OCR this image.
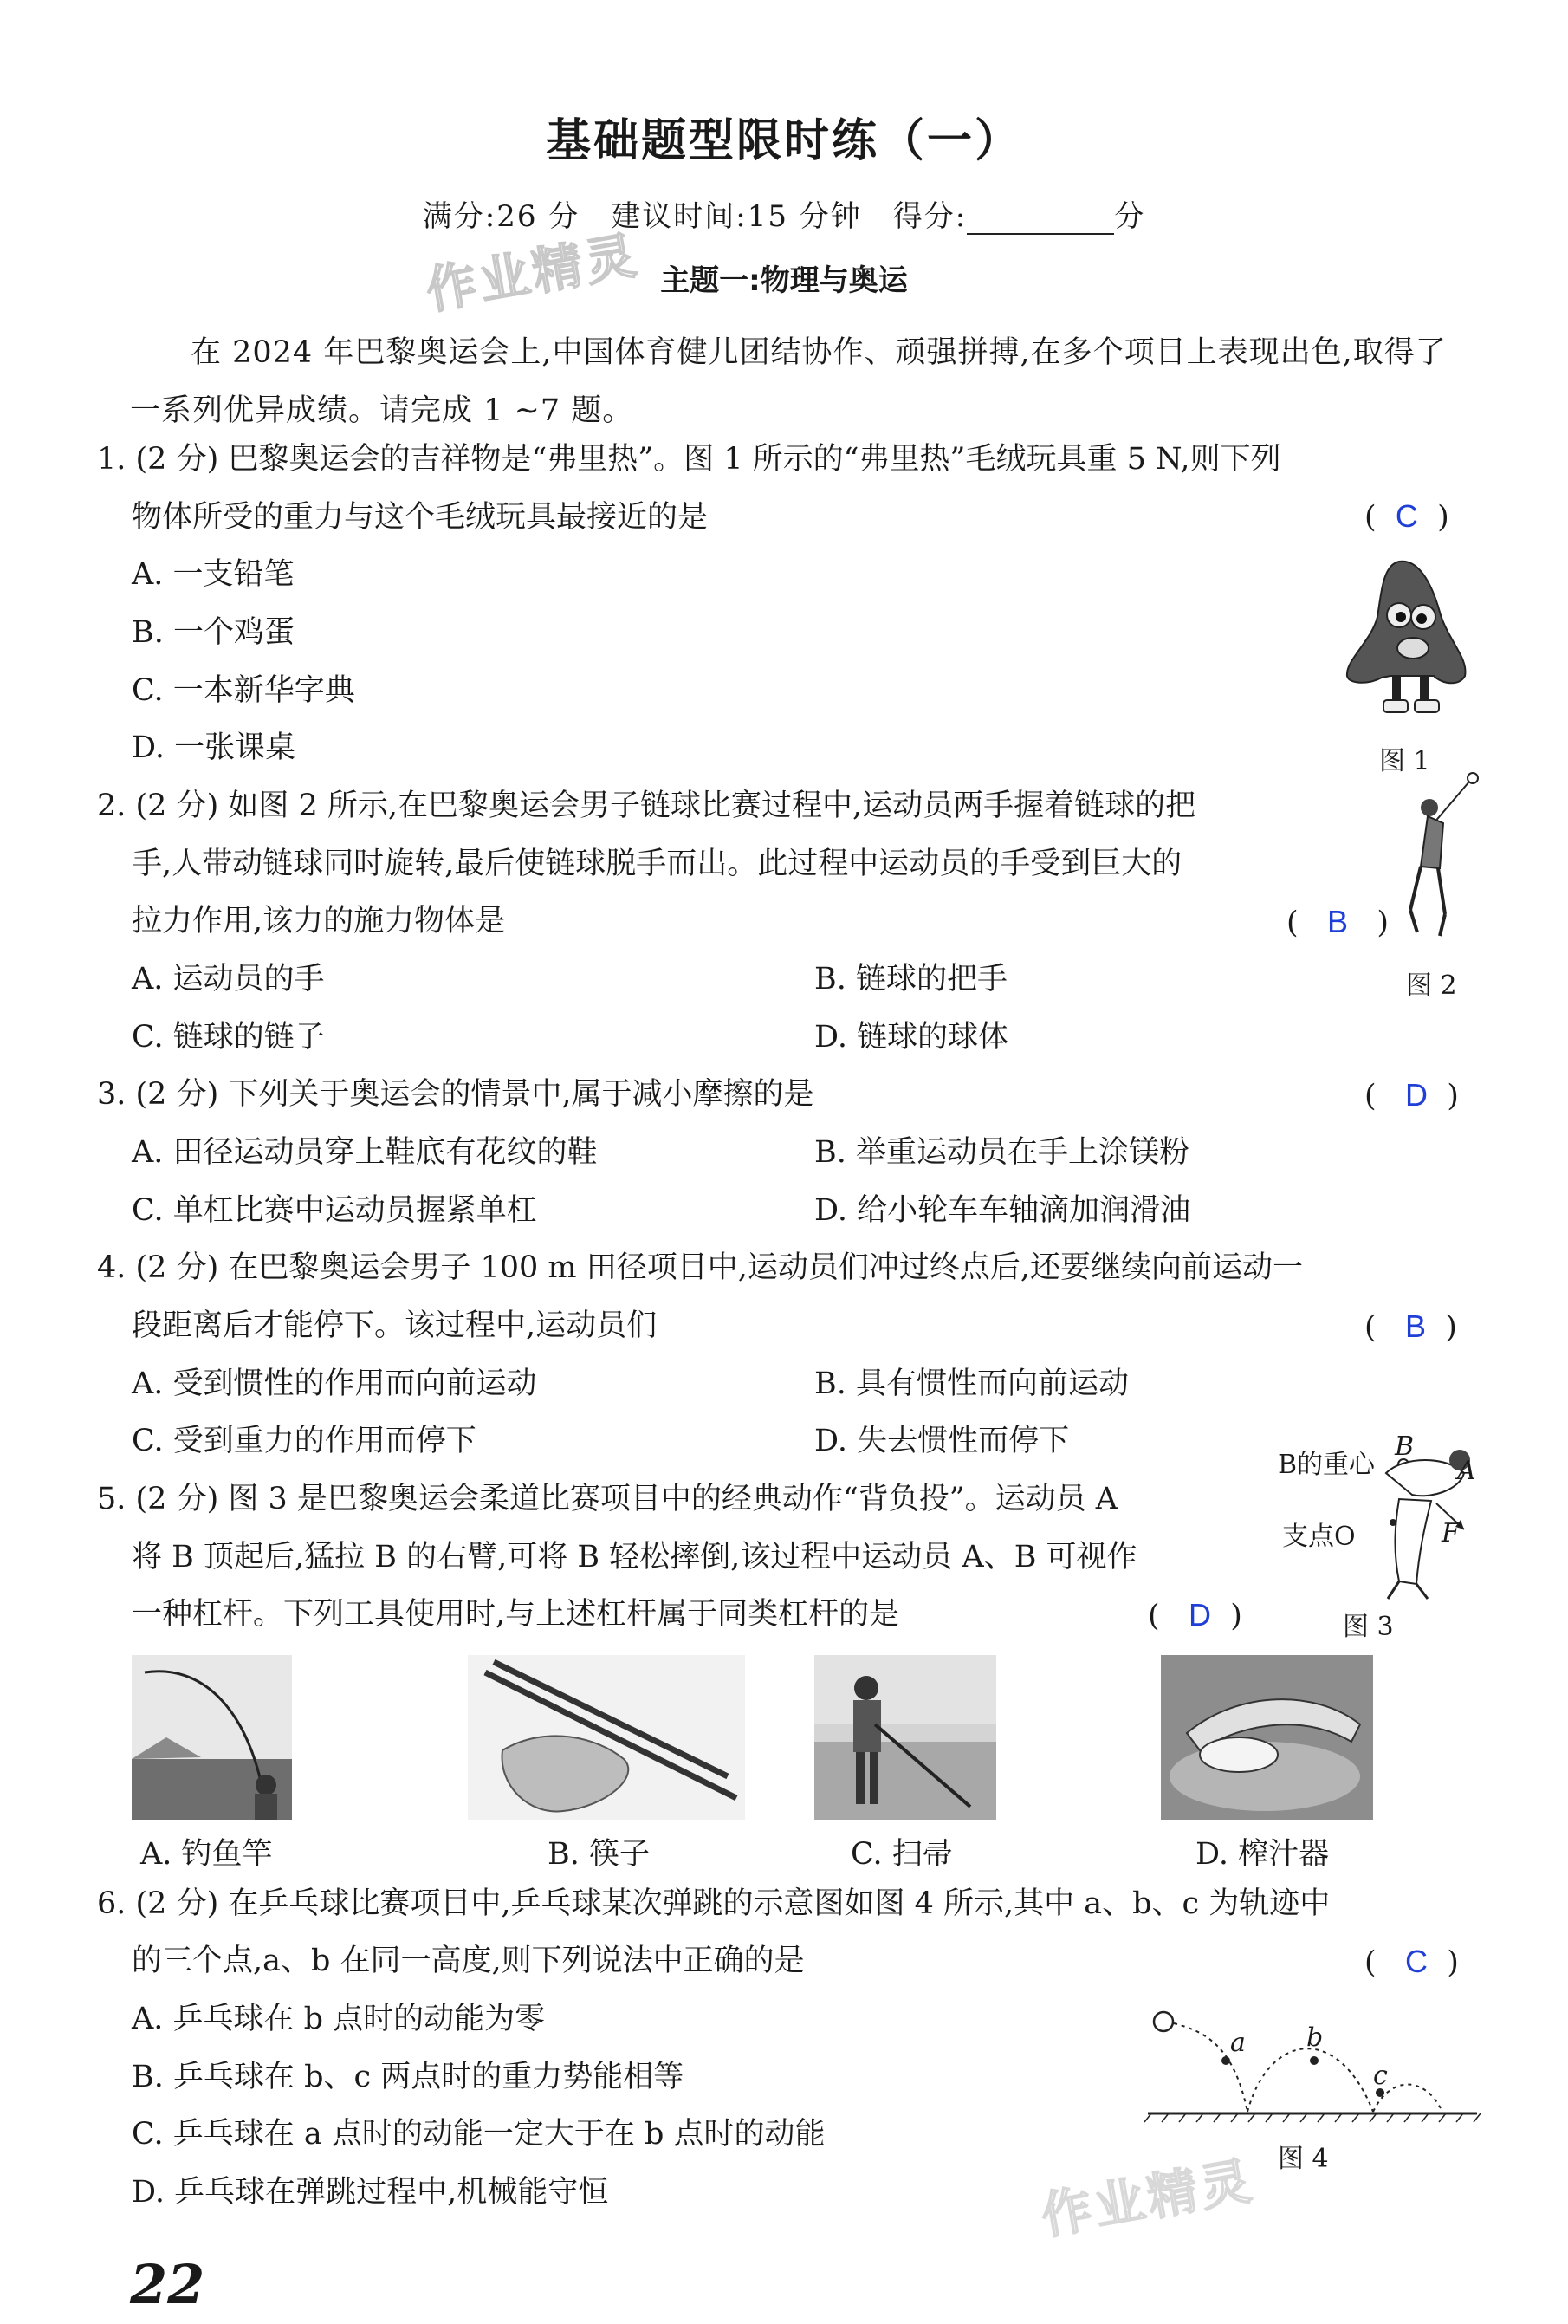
基础题型限时练（一）
满分:26 分　建议时间:15 分钟　得分:	分
作业精灵 主题一:物理与奥运
在 2024 年巴黎奥运会上,中国体育健儿团结协作、顽强拼搏,在多个项目上表现出色,取得了一系列优异成绩。请完成 1 ~7 题。
1. (2 分) 巴黎奥运会的吉祥物是“弗里热”。图 1 所示的“弗里热”毛绒玩具重 5 N,则下列
物体所受的重力与这个毛绒玩具最接近的是	(  C  )
A. 一支铅笔
B. 一个鸡蛋
C. 一本新华字典
D. 一张课桌	图 1
2. (2 分) 如图 2 所示,在巴黎奥运会男子链球比赛过程中,运动员两手握着链球的把
手,人带动链球同时旋转,最后使链球脱手而出。此过程中运动员的手受到巨大的
拉力作用,该力的施力物体是	(   B   )
A. 运动员的手	B. 链球的把手
C. 链球的链子	D. 链球的球体
图 2
3. (2 分) 下列关于奥运会的情景中,属于减小摩擦的是	(   D  )
A. 田径运动员穿上鞋底有花纹的鞋	B. 举重运动员在手上涂镁粉
C. 单杠比赛中运动员握紧单杠	D. 给小轮车车轴滴加润滑油
4. (2 分) 在巴黎奥运会男子 100 m 田径项目中,运动员们冲过终点后,还要继续向前运动一
段距离后才能停下。该过程中,运动员们	(   B  )
A. 受到惯性的作用而向前运动	B. 具有惯性而向前运动
C. 受到重力的作用而停下	D. 失去惯性而停下
5. (2 分) 图 3 是巴黎奥运会柔道比赛项目中的经典动作“背负投”。运动员 A
将 B 顶起后,猛拉 B 的右臂,可将 B 轻松摔倒,该过程中运动员 A、B 可视作
一种杠杆。下列工具使用时,与上述杠杆属于同类杠杆的是	(   D  )
B的重心
支点O
B
A
F
图 3
A. 钓鱼竿	B. 筷子	C. 扫帚	D. 榨汁器
6. (2 分) 在乒乓球比赛项目中,乒乓球某次弹跳的示意图如图 4 所示,其中 a、b、c 为轨迹中
的三个点,a、b 在同一高度,则下列说法中正确的是	(   C  )
A. 乒乓球在 b 点时的动能为零
B. 乒乓球在 b、c 两点时的重力势能相等
C. 乒乓球在 a 点时的动能一定大于在 b 点时的动能
D. 乒乓球在弹跳过程中,机械能守恒
a b
c
图 4
作业精灵
22
